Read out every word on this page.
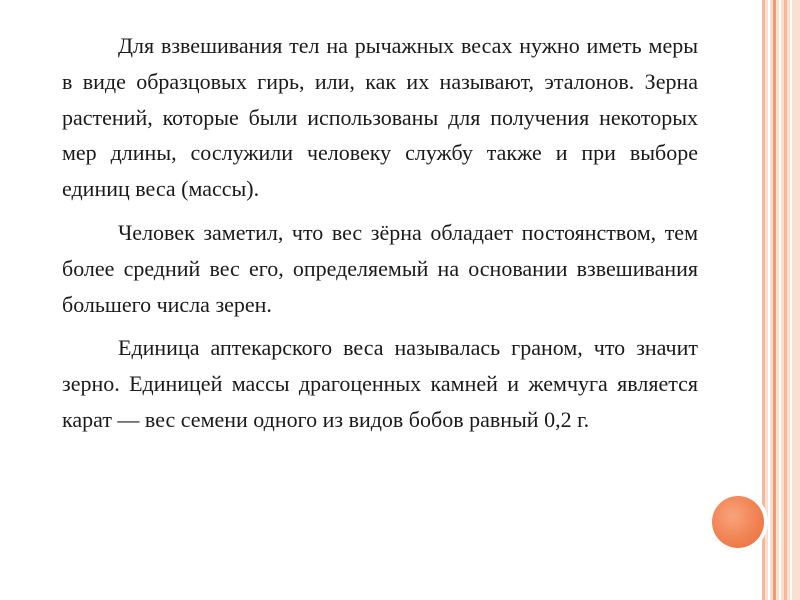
Для взвешивания тел на рычажных весах нужно иметь меры в виде образцовых гирь, или, как их называют, эталонов. Зерна растений, которые были использованы для получения некоторых мер длины, сослужили человеку службу также и при выборе единиц веса (массы).

Человек заметил, что вес зёрна обладает постоянством, тем более средний вес его, определяемый на основании взвешивания большего числа зерен.

Единица аптекарского веса называлась граном, что значит зерно. Единицей массы драгоценных камней и жемчуга является карат — вес семени одного из видов бобов равный 0,2 г.
